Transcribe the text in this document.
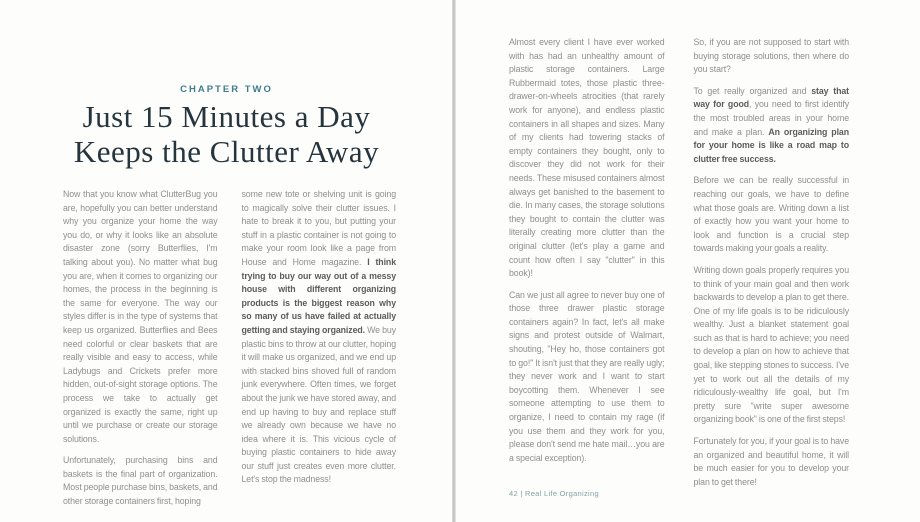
CHAPTER TWO
Just 15 Minutes a Day
Keeps the Clutter Away

Now that you know what ClutterBug you are, hopefully you can better understand why you organize your home the way you do, or why it looks like an absolute disaster zone (sorry Butterflies, I'm talking about you). No matter what bug you are, when it comes to organizing our homes, the process in the beginning is the same for everyone. The way our styles differ is in the type of systems that keep us organized. Butterflies and Bees need colorful or clear baskets that are really visible and easy to access, while Ladybugs and Crickets prefer more hidden, out-of-sight storage options. The process we take to actually get organized is exactly the same, right up until we purchase or create our storage solutions.

Unfortunately, purchasing bins and baskets is the final part of organization. Most people purchase bins, baskets, and other storage containers first, hoping

some new tote or shelving unit is going to magically solve their clutter issues. I hate to break it to you, but putting your stuff in a plastic container is not going to make your room look like a page from House and Home magazine. I think trying to buy our way out of a messy house with different organizing products is the biggest reason why so many of us have failed at actually getting and staying organized. We buy plastic bins to throw at our clutter, hoping it will make us organized, and we end up with stacked bins shoved full of random junk everywhere. Often times, we forget about the junk we have stored away, and end up having to buy and replace stuff we already own because we have no idea where it is. This vicious cycle of buying plastic containers to hide away our stuff just creates even more clutter. Let's stop the madness!

Almost every client I have ever worked with has had an unhealthy amount of plastic storage containers. Large Rubbermaid totes, those plastic three-drawer-on-wheels atrocities (that rarely work for anyone), and endless plastic containers in all shapes and sizes. Many of my clients had towering stacks of empty containers they bought, only to discover they did not work for their needs. These misused containers almost always get banished to the basement to die. In many cases, the storage solutions they bought to contain the clutter was literally creating more clutter than the original clutter (let's play a game and count how often I say "clutter" in this book)!

Can we just all agree to never buy one of those three drawer plastic storage containers again? In fact, let's all make signs and protest outside of Walmart, shouting, "Hey ho, those containers got to go!" It isn't just that they are really ugly; they never work and I want to start boycotting them. Whenever I see someone attempting to use them to organize, I need to contain my rage (if you use them and they work for you, please don't send me hate mail…you are a special exception).

So, if you are not supposed to start with buying storage solutions, then where do you start?

To get really organized and stay that way for good, you need to first identify the most troubled areas in your home and make a plan. An organizing plan for your home is like a road map to clutter free success.

Before we can be really successful in reaching our goals, we have to define what those goals are. Writing down a list of exactly how you want your home to look and function is a crucial step towards making your goals a reality.

Writing down goals properly requires you to think of your main goal and then work backwards to develop a plan to get there. One of my life goals is to be ridiculously wealthy. Just a blanket statement goal such as that is hard to achieve; you need to develop a plan on how to achieve that goal, like stepping stones to success. I've yet to work out all the details of my ridiculously-wealthy life goal, but I'm pretty sure "write super awesome organizing book" is one of the first steps!

Fortunately for you, if your goal is to have an organized and beautiful home, it will be much easier for you to develop your plan to get there!

42 | Real Life Organizing
